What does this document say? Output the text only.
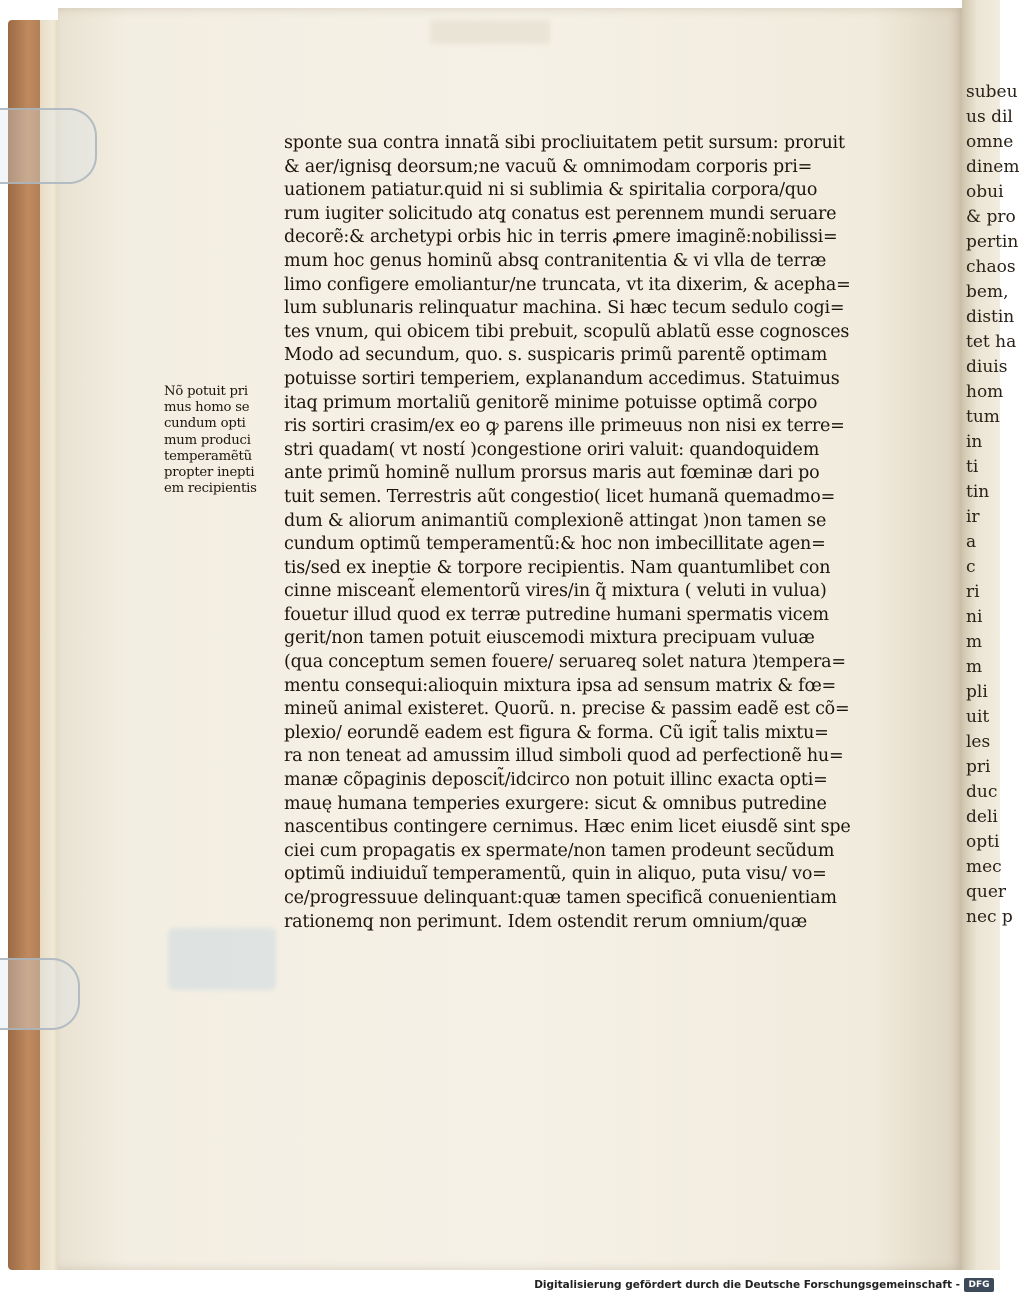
subeu
us dil
omne
dinem
obui
& pro
pertin
chaos
bem,
distin
tet ha
diuis
hom
tum
in
ti
tin
ir
a
c
ri
ni
m
m
pli
uit
les
pri
duc
deli
opti
mec
quer
nec p
Nõ potuit pri
mus homo se
cundum opti
mum produci
temperamẽtũ
propter inepti
em recipientis
sponte sua contra innatã sibi procliuitatem petit sursum: proruit
& aer/ignisq̧ deorsum;ne vacuũ & omnimodam corporis pri=
uationem patiatur.quid ni si sublimia & spiritalia corpora/quo
rum iugiter solicitudo atq̧ conatus est perennem mundi seruare
decorẽ:& archetypi orbis hic in terris ꝓmere imaginẽ:nobilissi=
mum hoc genus hominũ absq̧ contranitentia & vi vlla de terræ
limo configere emoliantur/ne truncata, vt ita dixerim, & acepha=
lum sublunaris relinquatur machina. Si hæc tecum sedulo cogi=
tes vnum, qui obicem tibi prebuit, scopulũ ablatũ esse cognosces
Modo ad secundum, quo. s. suspicaris primũ parentẽ optimam
potuisse sortiri temperiem, explanandum accedimus. Statuimus
itaq̧ primum mortaliũ genitorẽ minime potuisse optimã corpo
ris sortiri crasim/ex eo ꝙ parens ille primeuus non nisi ex terre=
stri quadam( vt ností )congestione oriri valuit: quandoquidem
ante primũ hominẽ nullum prorsus maris aut fœminæ dari po
tuit semen. Terrestris aũt congestio( licet humanã quemadmo=
dum & aliorum animantiũ complexionẽ attingat )non tamen se
cundum optimũ temperamentũ:& hoc non imbecillitate agen=
tis/sed ex ineptie & torpore recipientis. Nam quantumlibet con
cinne misceant̃ elementorũ vires/in q̃ mixtura ( veluti in vulua)
fouetur illud quod ex terræ putredine humani spermatis vicem
gerit/non tamen potuit eiuscemodi mixtura precipuam vuluæ
(qua conceptum semen fouere/ seruareq̧ solet natura )tempera=
mentu consequi:alioquin mixtura ipsa ad sensum matrix & fœ=
mineũ animal existeret. Quorũ. n. precise & passim eadẽ est cõ=
plexio/ eorundẽ eadem est figura & forma. Cũ igit̃ talis mixtu=
ra non teneat ad amussim illud simboli quod ad perfectionẽ hu=
manæ cõpaginis deposcit̃/idcirco non potuit illinc exacta opti=
mauę humana temperies exurgere: sicut & omnibus putredine
nascentibus contingere cernimus. Hæc enim licet eiusdẽ sint spe
ciei cum propagatis ex spermate/non tamen prodeunt secũdum
optimũ indiuiduĩ temperamentũ, quin in aliquo, puta visu/ vo=
ce/progressuue delinquant:quæ tamen specificã conuenientiam
rationemq̧ non perimunt. Idem ostendit rerum omnium/quæ
Digitalisierung gefördert durch die Deutsche Forschungsgemeinschaft - DFG
